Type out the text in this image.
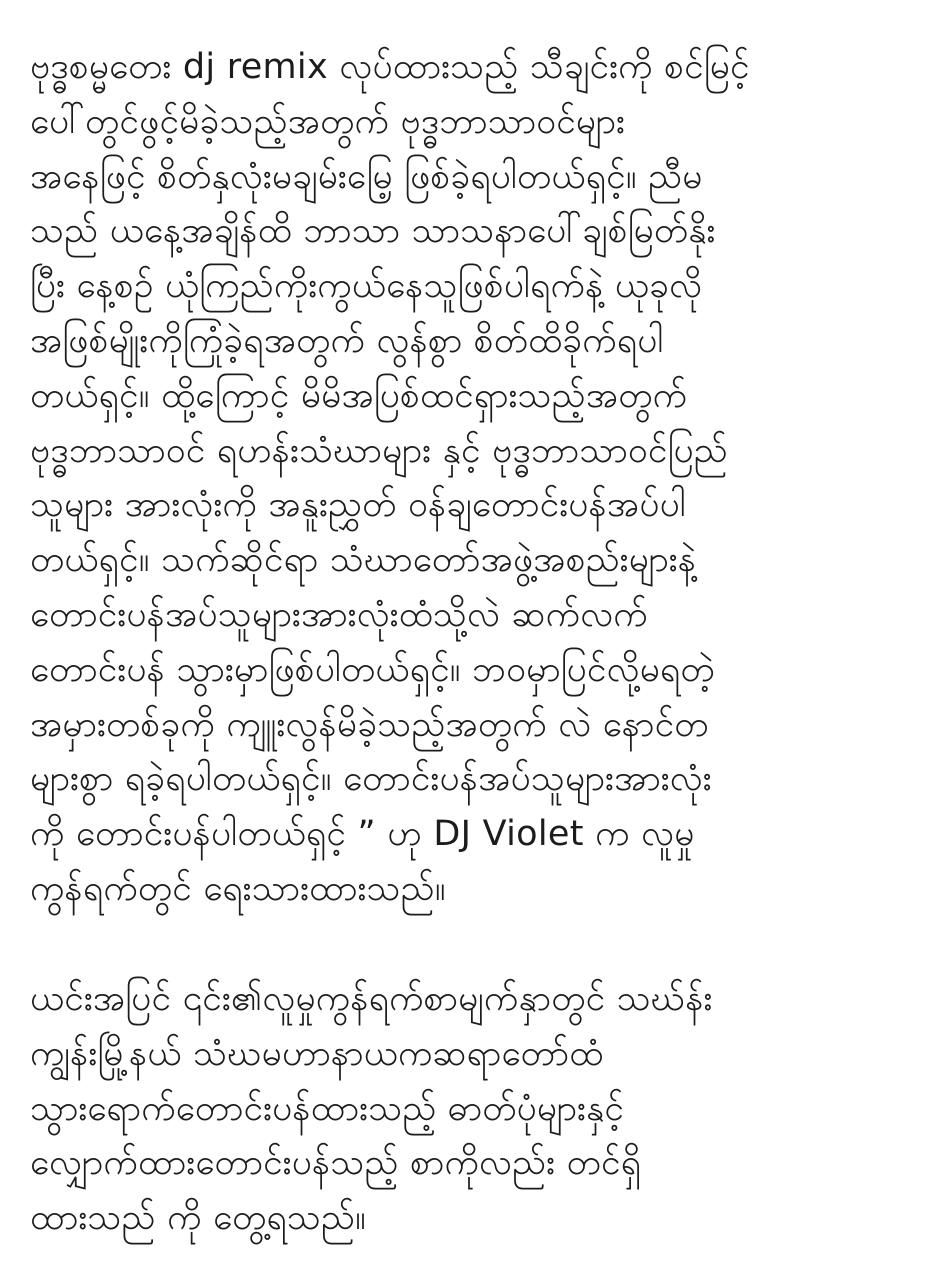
ဗုဒ္ဓစမ္မတေး dj remix လုပ်ထားသည့် သီချင်းကို စင်မြင့်
ပေါ်တွင်ဖွင့်မိခဲ့သည့်အတွက် ဗုဒ္ဓဘာသာဝင်များ
အနေဖြင့် စိတ်နှလုံးမချမ်းမြေ့ ဖြစ်ခဲ့ရပါတယ်ရှင့်။ ညီမ
သည် ယနေ့အချိန်ထိ ဘာသာ သာသနာပေါ်ချစ်မြတ်နိုး
ပြီး နေ့စဉ် ယုံကြည်ကိုးကွယ်နေသူဖြစ်ပါရက်နဲ့ ယုခုလို
အဖြစ်မျိုးကိုကြုံခဲ့ရအတွက် လွန်စွာ စိတ်ထိခိုက်ရပါ
တယ်ရှင့်။ ထို့ကြောင့် မိမိအပြစ်ထင်ရှားသည့်အတွက်
ဗုဒ္ဓဘာသာဝင် ရဟန်းသံဃာများ နှင့် ဗုဒ္ဓဘာသာဝင်ပြည်
သူများ အားလုံးကို အနူးညွှတ် ဝန်ချတောင်းပန်အပ်ပါ
တယ်ရှင့်။ သက်ဆိုင်ရာ သံဃာတော်အဖွဲ့အစည်းများနဲ့
တောင်းပန်အပ်သူများအားလုံးထံသို့လဲ ဆက်လက်
တောင်းပန် သွားမှာဖြစ်ပါတယ်ရှင့်။ ဘဝမှာပြင်လို့မရတဲ့
အမှားတစ်ခုကို ကျူးလွန်မိခဲ့သည့်အတွက် လဲ နောင်တ
များစွာ ရခဲ့ရပါတယ်ရှင့်။ တောင်းပန်အပ်သူများအားလုံး
ကို တောင်းပန်ပါတယ်ရှင့် ” ဟု DJ Violet က လူမှု
ကွန်ရက်တွင် ရေးသားထားသည်။
ယင်းအပြင် ၎င်း၏လူမှုကွန်ရက်စာမျက်နှာတွင် သဃ်န်း
ကျွန်းမြို့နယ် သံဃမဟာနာယကဆရာတော်ထံ
သွားရောက်တောင်းပန်ထားသည့် ဓာတ်ပုံများနှင့်
လျှောက်ထားတောင်းပန်သည့် စာကိုလည်း တင်ရှိ
ထားသည် ကို တွေ့ရသည်။
